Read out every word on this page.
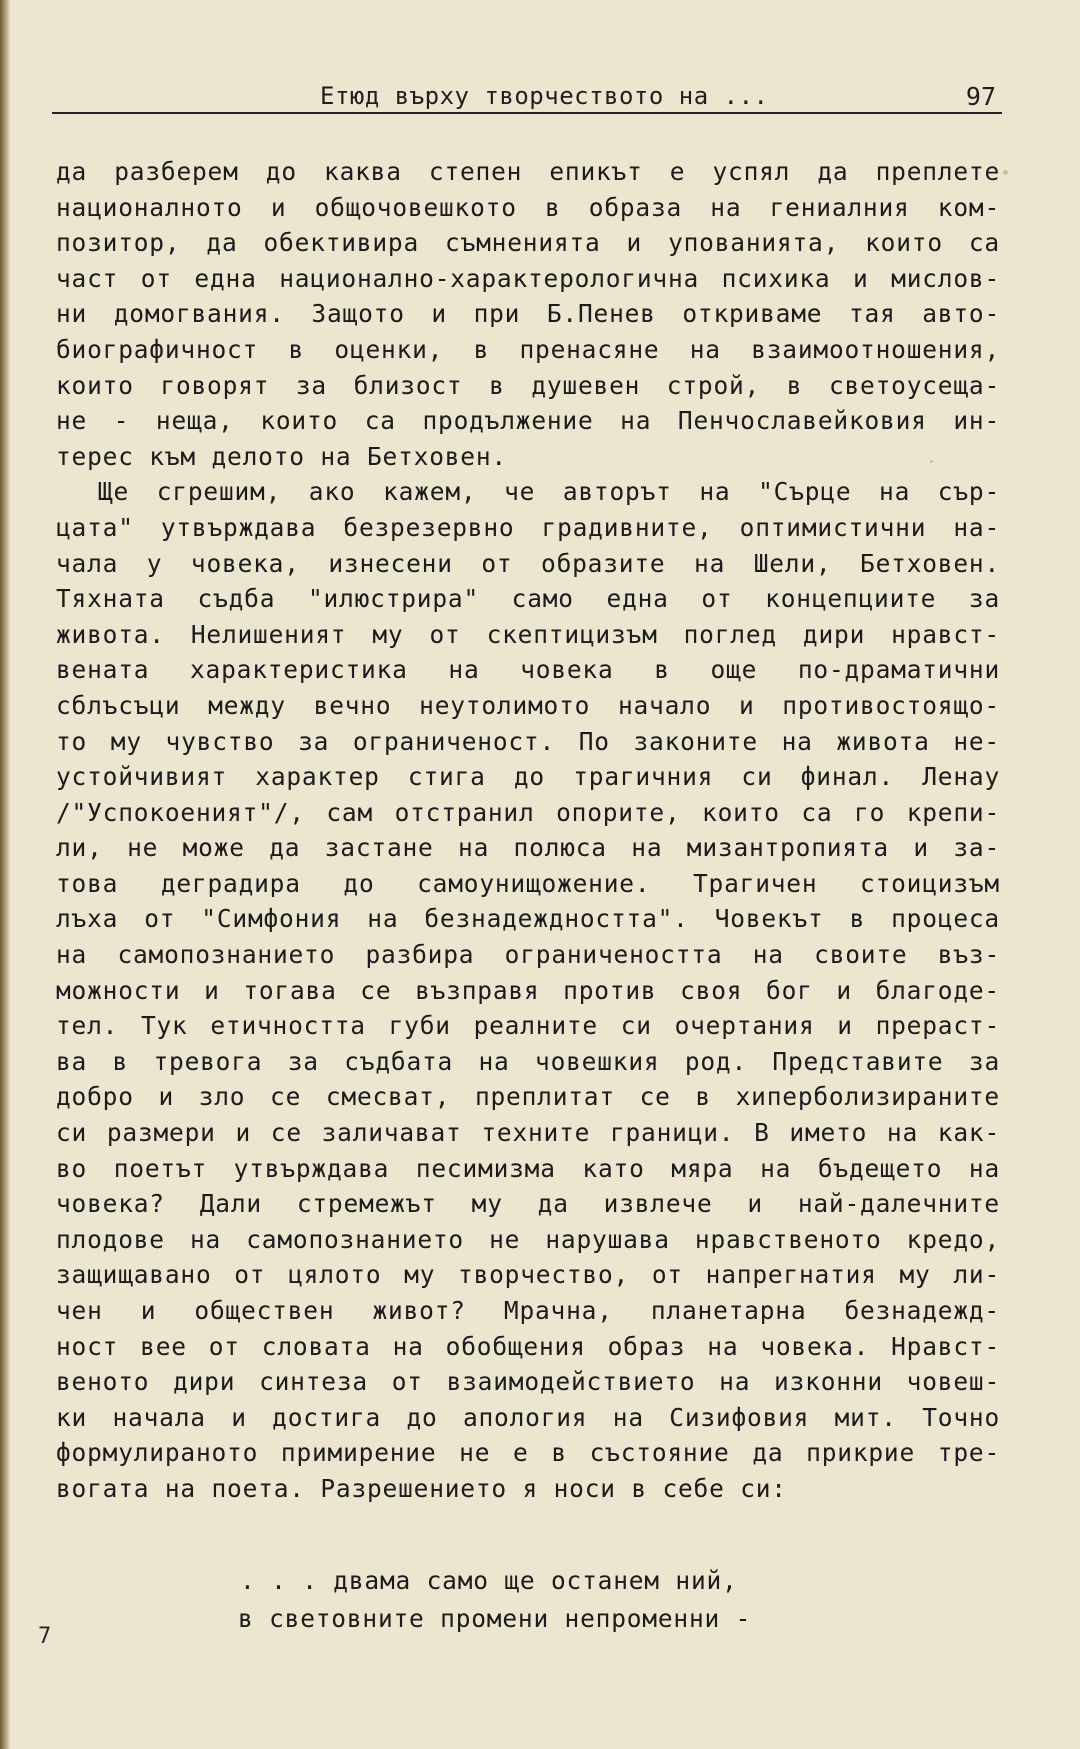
Етюд върху творчеството на ...	97
да разберем до каква степен епикът е успял да преплете
националното и общочовешкото в образа на гениалния ком-
позитор, да обективира съмненията и упованията, които са
част от една национално-характерологична психика и мислов-
ни домогвания. Защото и при Б.Пенев откриваме тая авто-
биографичност в оценки, в пренасяне на взаимоотношения,
които говорят за близост в душевен строй, в светоусеща-
не - неща, които са продължение на Пенчославейковия ин-
терес към делото на Бетховен.
Ще сгрешим, ако кажем, че авторът на "Сърце на сър-
цата" утвърждава безрезервно градивните, оптимистични на-
чала у човека, изнесени от образите на Шели, Бетховен.
Тяхната съдба "илюстрира" само една от концепциите за
живота. Нелишеният му от скептицизъм поглед дири нравст-
вената характеристика на човека в още по-драматични
сблъсъци между вечно неутолимото начало и противостоящо-
то му чувство за ограниченост. По законите на живота не-
устойчивият характер стига до трагичния си финал. Ленау
/"Успокоеният"/, сам отстранил опорите, които са го крепи-
ли, не може да застане на полюса на мизантропията и за-
това деградира до самоунищожение. Трагичен стоицизъм
лъха от "Симфония на безнадеждността". Човекът в процеса
на самопознанието разбира ограничеността на своите въз-
можности и тогава се възправя против своя бог и благоде-
тел. Тук етичността губи реалните си очертания и прераст-
ва в тревога за съдбата на човешкия род. Представите за
добро и зло се смесват, преплитат се в хиперболизираните
си размери и се заличават техните граници. В името на как-
во поетът утвърждава песимизма като мяра на бъдещето на
човека? Дали стремежът му да извлече и най-далечните
плодове на самопознанието не нарушава нравственото кредо,
защищавано от цялото му творчество, от напрегнатия му ли-
чен и обществен живот? Мрачна, планетарна безнадежд-
ност вее от словата на обобщения образ на човека. Нравст-
веното дири синтеза от взаимодействието на изконни човеш-
ки начала и достига до апология на Сизифовия мит. Точно
формулираното примирение не е в състояние да прикрие тре-
вогата на поета. Разрешението я носи в себе си:
. . . двама само ще останем ний,
в световните промени непроменни -
7
